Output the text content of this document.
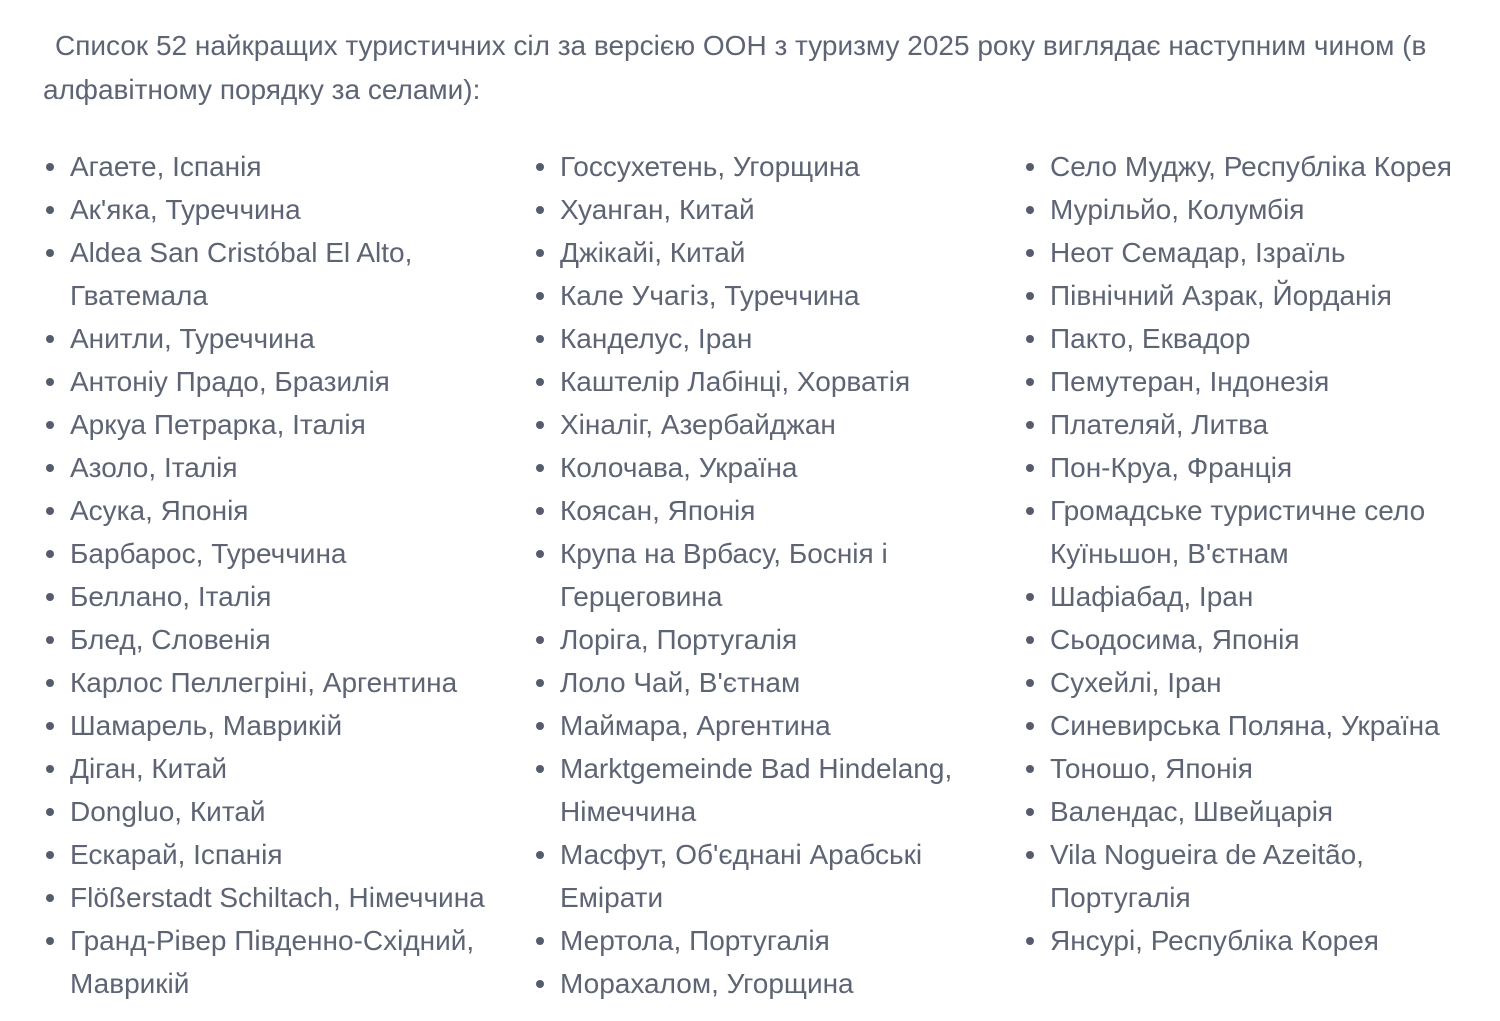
Список 52 найкращих туристичних сіл за версією ООН з туризму 2025 року виглядає наступним чином (в алфавітному порядку за селами):

Агаете, Іспанія
Ак'яка, Туреччина
Aldea San Cristóbal El Alto, Гватемала
Анитли, Туреччина
Антоніу Прадо, Бразилія
Аркуа Петрарка, Італія
Азоло, Італія
Асука, Японія
Барбарос, Туреччина
Беллано, Італія
Блед, Словенія
Карлос Пеллегріні, Аргентина
Шамарель, Маврикій
Діган, Китай
Dongluo, Китай
Ескарай, Іспанія
Flößerstadt Schiltach, Німеччина
Гранд-Рівер Південно-Східний, Маврикій
Госсухетень, Угорщина
Хуанган, Китай
Джікайі, Китай
Кале Учагіз, Туреччина
Канделус, Іран
Каштелір Лабінці, Хорватія
Хіналіг, Азербайджан
Колочава, Україна
Коясан, Японія
Крупа на Врбасу, Боснія і Герцеговина
Лоріга, Португалія
Лоло Чай, В'єтнам
Маймара, Аргентина
Marktgemeinde Bad Hindelang, Німеччина
Масфут, Об'єднані Арабські Емірати
Мертола, Португалія
Морахалом, Угорщина
Село Муджу, Республіка Корея
Мурільйо, Колумбія
Неот Семадар, Ізраїль
Північний Азрак, Йорданія
Пакто, Еквадор
Пемутеран, Індонезія
Плателяй, Литва
Пон-Круа, Франція
Громадське туристичне село Куїньшон, В'єтнам
Шафіабад, Іран
Сьодосима, Японія
Сухейлі, Іран
Синевирська Поляна, Україна
Тоношо, Японія
Валендас, Швейцарія
Vila Nogueira de Azeitão, Португалія
Янсурі, Республіка Корея
